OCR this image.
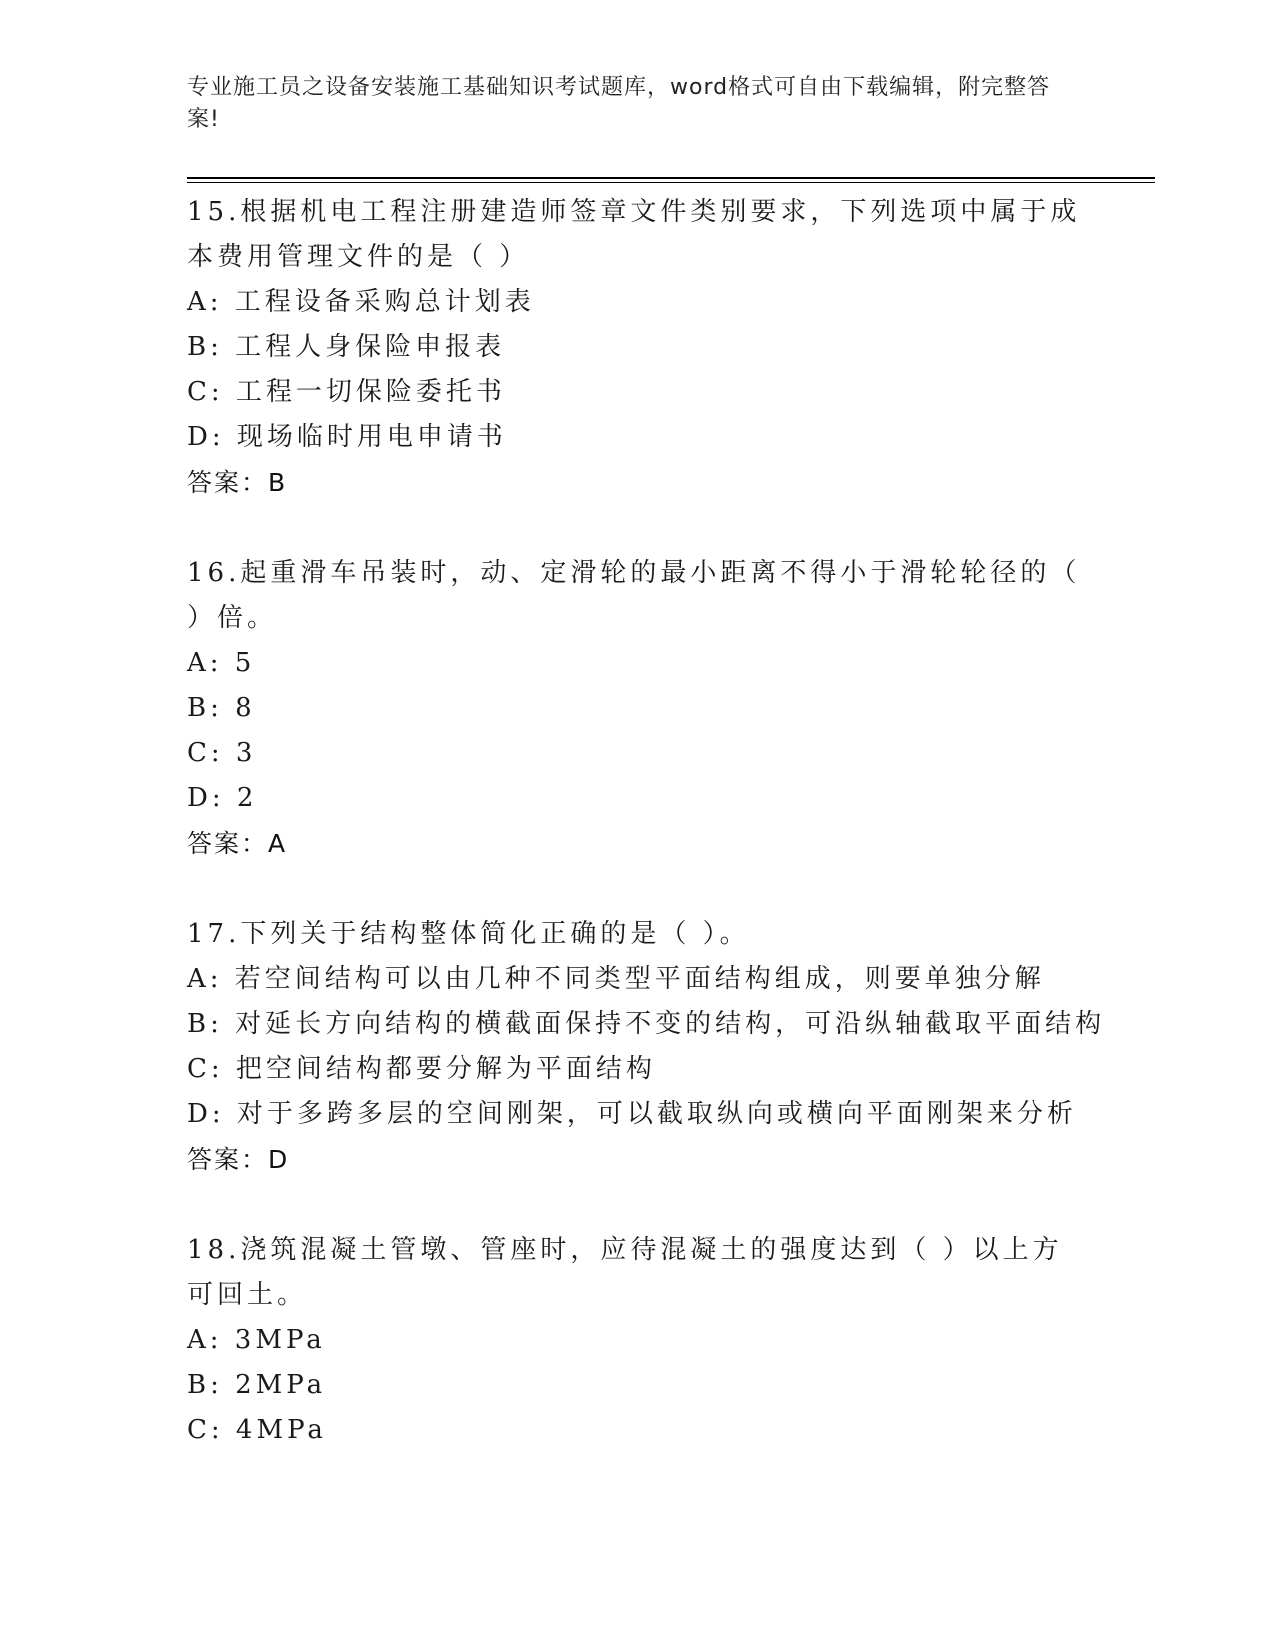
专业施工员之设备安装施工基础知识考试题库，word格式可自由下载编辑，附完整答案!

15.根据机电工程注册建造师签章文件类别要求，下列选项中属于成本费用管理文件的是（ ）

A: 工程设备采购总计划表

B: 工程人身保险申报表

C: 工程一切保险委托书

D: 现场临时用电申请书

答案：B

16.起重滑车吊装时，动、定滑轮的最小距离不得小于滑轮轮径的（ ）倍。

A: 5

B: 8

C: 3

D: 2

答案：A

17.下列关于结构整体简化正确的是（ ）。

A: 若空间结构可以由几种不同类型平面结构组成，则要单独分解

B: 对延长方向结构的横截面保持不变的结构，可沿纵轴截取平面结构

C: 把空间结构都要分解为平面结构

D: 对于多跨多层的空间刚架，可以截取纵向或横向平面刚架来分析

答案：D

18.浇筑混凝土管墩、管座时，应待混凝土的强度达到（ ）以上方可回土。

A: 3MPa

B: 2MPa

C: 4MPa
